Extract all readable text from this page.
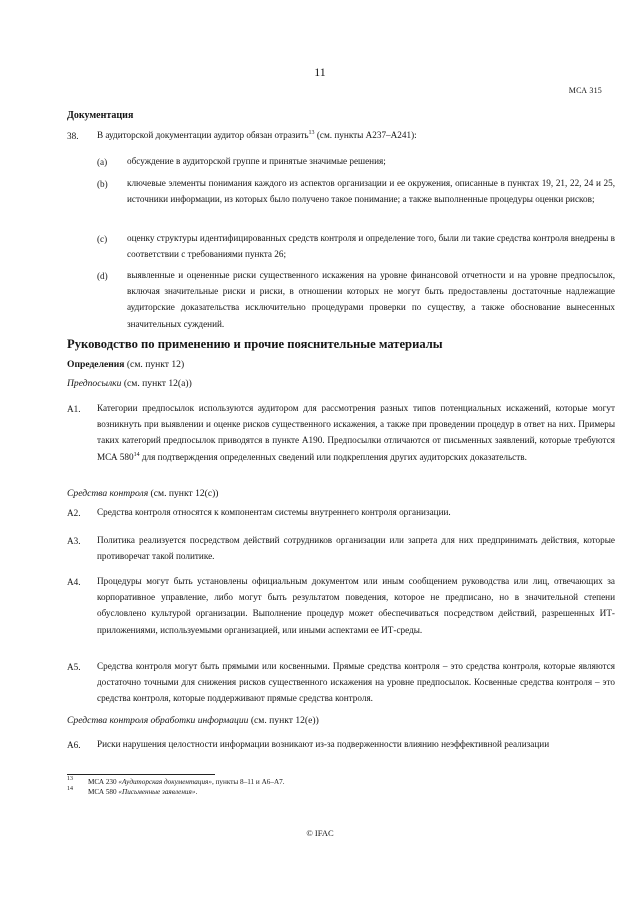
11
МСА 315
Документация
38. В аудиторской документации аудитор обязан отразить$^{13}$ (см. пункты A237–A241):
(a) обсуждение в аудиторской группе и принятые значимые решения;
(b) ключевые элементы понимания каждого из аспектов организации и ее окружения, описанные в пунктах 19, 21, 22, 24 и 25, источники информации, из которых было получено такое понимание; а также выполненные процедуры оценки рисков;
(c) оценку структуры идентифицированных средств контроля и определение того, были ли такие средства контроля внедрены в соответствии с требованиями пункта 26;
(d) выявленные и оцененные риски существенного искажения на уровне финансовой отчетности и на уровне предпосылок, включая значительные риски и риски, в отношении которых не могут быть предоставлены достаточные надлежащие аудиторские доказательства исключительно процедурами проверки по существу, а также обоснование вынесенных значительных суждений.
Руководство по применению и прочие пояснительные материалы
Определения (см. пункт 12)
Предпосылки (см. пункт 12(a))
A1. Категории предпосылок используются аудитором для рассмотрения разных типов потенциальных искажений, которые могут возникнуть при выявлении и оценке рисков существенного искажения, а также при проведении процедур в ответ на них. Примеры таких категорий предпосылок приводятся в пункте A190. Предпосылки отличаются от письменных заявлений, которые требуются МСА $580^{14}$ для подтверждения определенных сведений или подкрепления других аудиторских доказательств.
Средства контроля (см. пункт 12(c))
A2. Средства контроля относятся к компонентам системы внутреннего контроля организации.
A3. Политика реализуется посредством действий сотрудников организации или запрета для них предпринимать действия, которые противоречат такой политике.
A4. Процедуры могут быть установлены официальным документом или иным сообщением руководства или лиц, отвечающих за корпоративное управление, либо могут быть результатом поведения, которое не предписано, но в значительной степени обусловлено культурой организации. Выполнение процедур может обеспечиваться посредством действий, разрешенных ИТ-приложениями, используемыми организацией, или иными аспектами ее ИТ-среды.
A5. Средства контроля могут быть прямыми или косвенными. Прямые средства контроля – это средства контроля, которые являются достаточно точными для снижения рисков существенного искажения на уровне предпосылок. Косвенные средства контроля – это средства контроля, которые поддерживают прямые средства контроля.
Средства контроля обработки информации (см. пункт 12(e))
A6. Риски нарушения целостности информации возникают из-за подверженности влиянию неэффективной реализации
$^{13}$ МСА 230 «Аудиторская документация», пункты 8–11 и A6–A7.
$^{14}$ МСА 580 «Письменные заявления».
© IFAC
